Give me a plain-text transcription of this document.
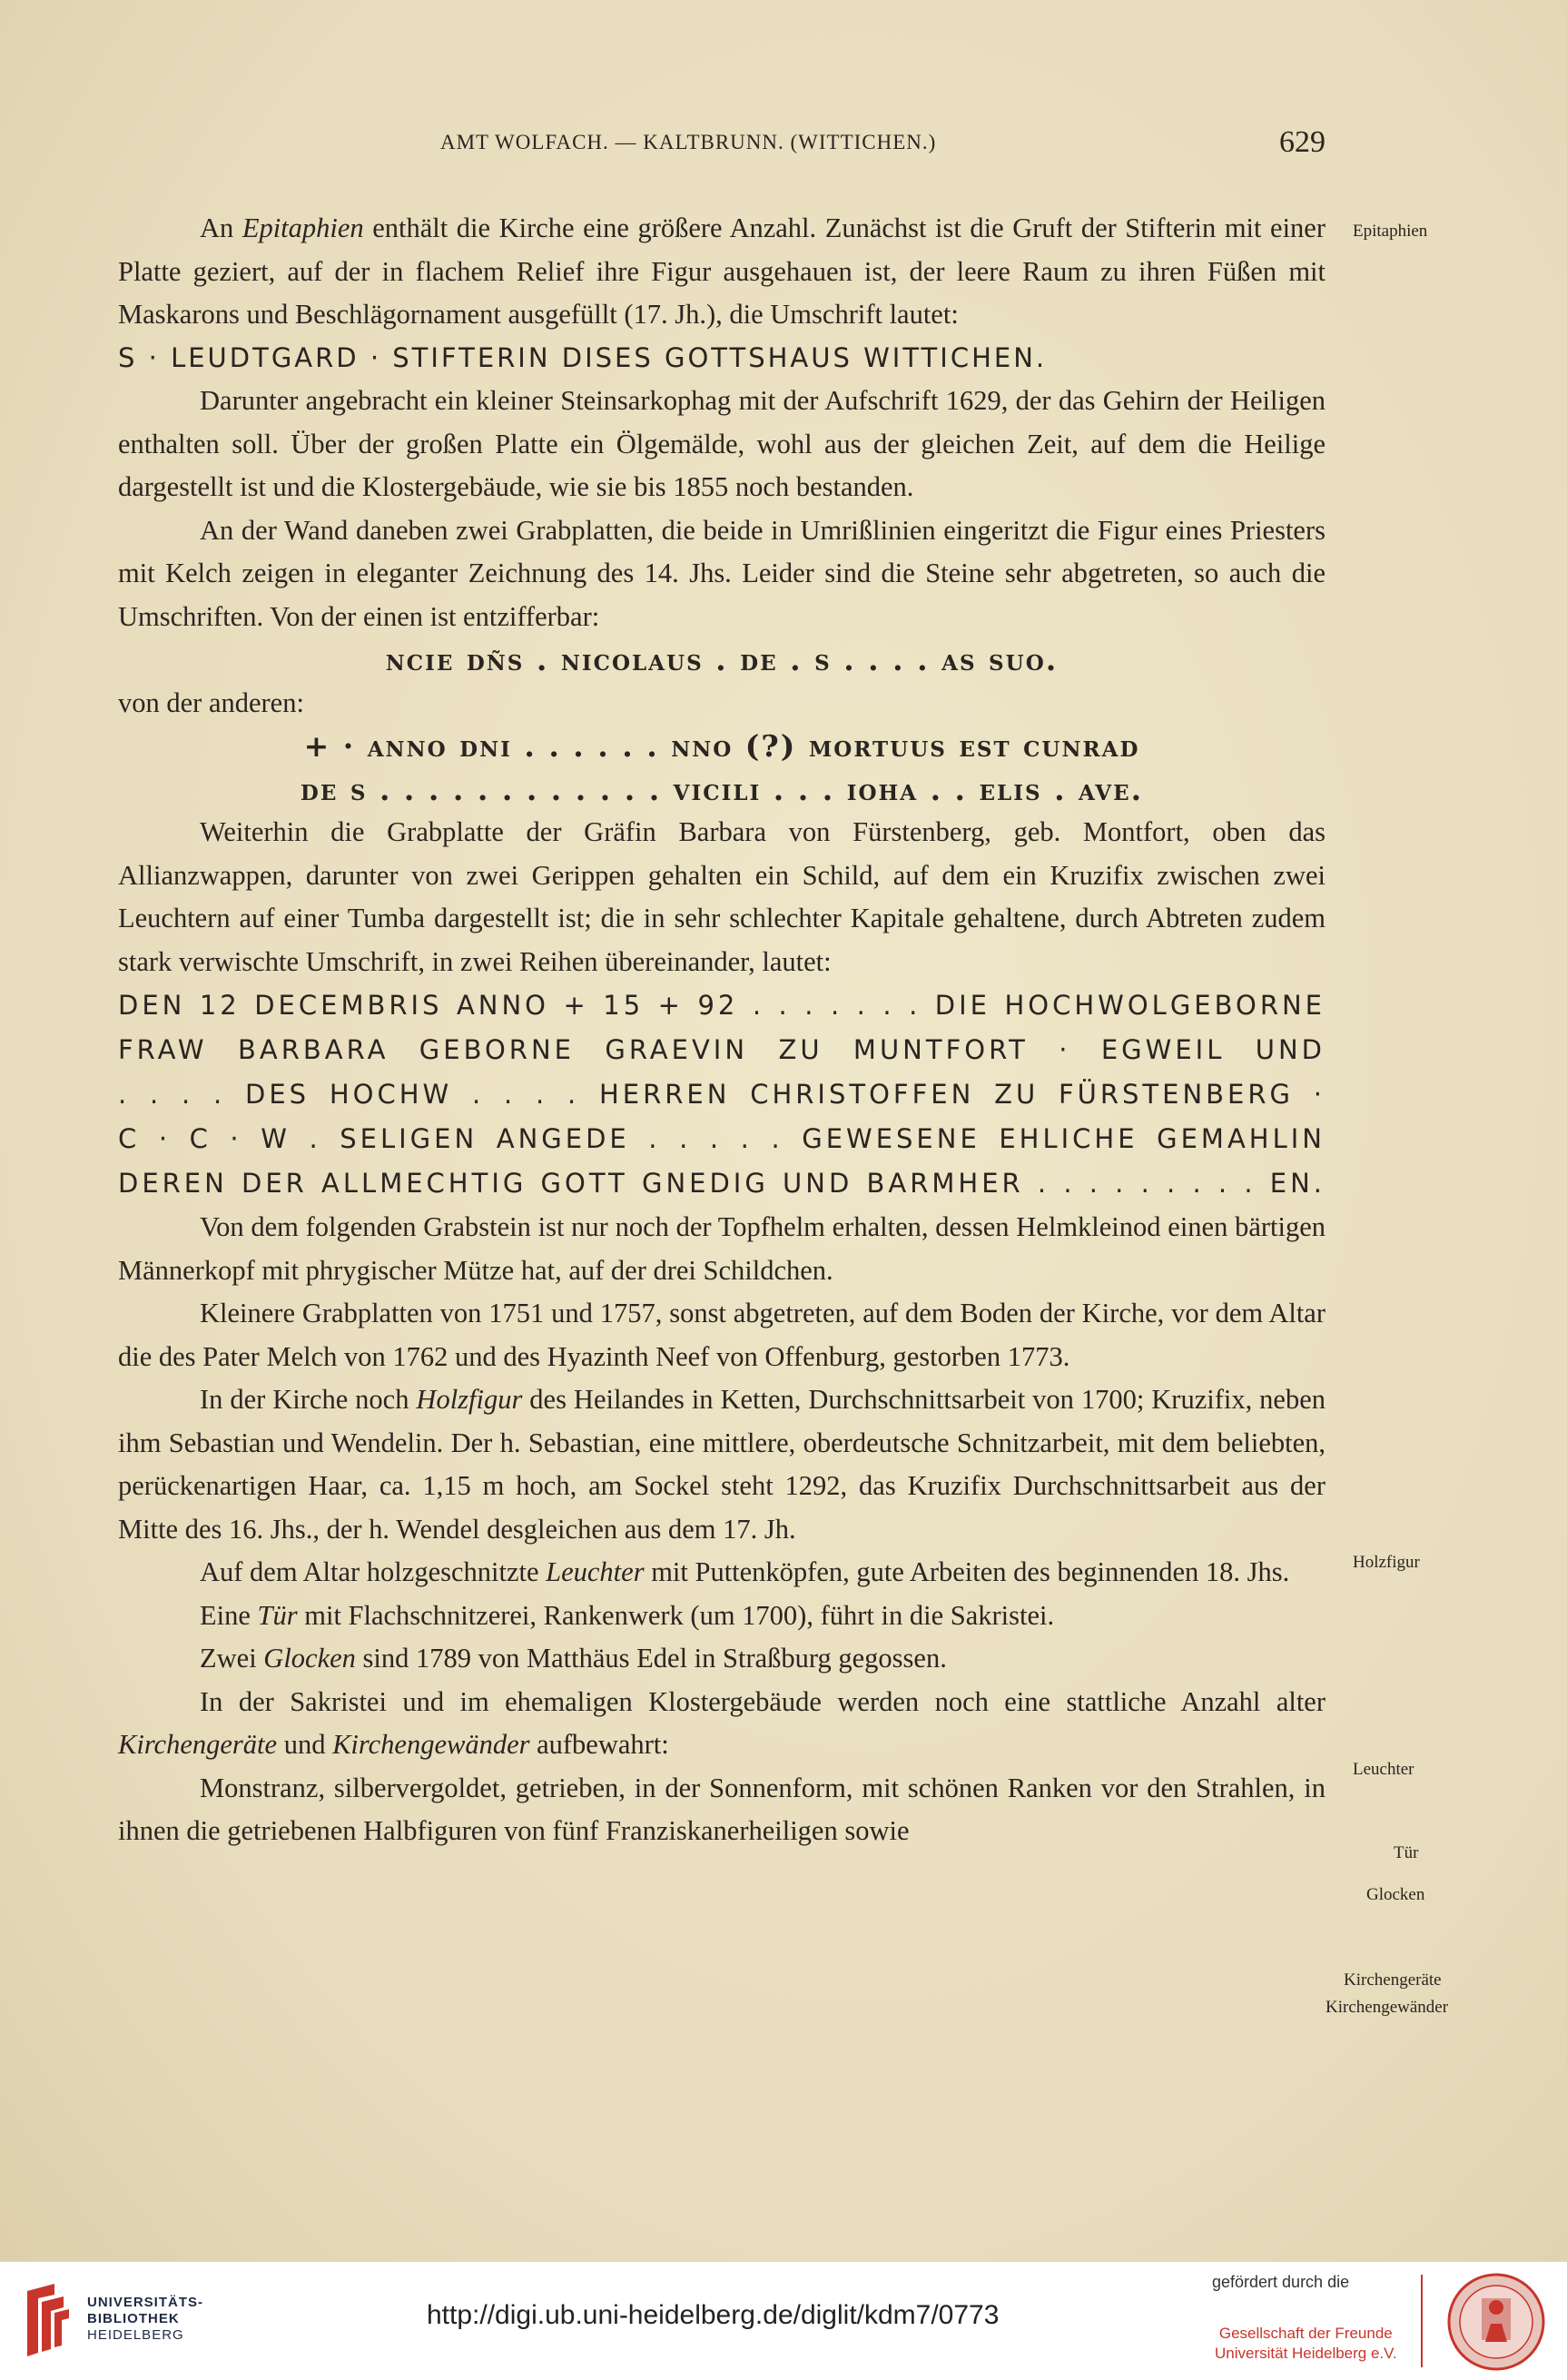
AMT WOLFACH. — KALTBRUNN. (WITTICHEN.)	629

An Epitaphien enthält die Kirche eine größere Anzahl. Zunächst ist die Gruft der Stifterin mit einer Platte geziert, auf der in flachem Relief ihre Figur ausgehauen ist, der leere Raum zu ihren Füßen mit Maskarons und Beschlägornament ausgefüllt (17. Jh.), die Umschrift lautet:

S · LEUDTGARD · STIFTERIN DISES GOTTSHAUS WITTICHEN.

Darunter angebracht ein kleiner Steinsarkophag mit der Aufschrift 1629, der das Gehirn der Heiligen enthalten soll. Über der großen Platte ein Ölgemälde, wohl aus der gleichen Zeit, auf dem die Heilige dargestellt ist und die Klostergebäude, wie sie bis 1855 noch bestanden.

An der Wand daneben zwei Grabplatten, die beide in Umrißlinien eingeritzt die Figur eines Priesters mit Kelch zeigen in eleganter Zeichnung des 14. Jhs. Leider sind die Steine sehr abgetreten, so auch die Umschriften. Von der einen ist entzifferbar:

ncie dñs . nicolaus . de . s . . . . as suo.

von der anderen:

+ · anno dni . . . . . . nno (?) mortuus est cunrad
de s . . . . . . . . . . . . vicili . . . ioha . . elis . ave.

Weiterhin die Grabplatte der Gräfin Barbara von Fürstenberg, geb. Montfort, oben das Allianzwappen, darunter von zwei Gerippen gehalten ein Schild, auf dem ein Kruzifix zwischen zwei Leuchtern auf einer Tumba dargestellt ist; die in sehr schlechter Kapitale gehaltene, durch Abtreten zudem stark verwischte Umschrift, in zwei Reihen übereinander, lautet:

DEN 12 DECEMBRIS ANNO + 15 + 92 . . . . . . . DIE HOCHWOLGEBORNE
FRAW BARBARA GEBORNE GRAEVIN ZU MUNTFORT · EGWEIL UND
. . . . DES HOCHW . . . . HERREN CHRISTOFFEN ZU FÜRSTENBERG ·
C · C · W . SELIGEN ANGEDE . . . . . GEWESENE EHLICHE GEMAHLIN
DEREN DER ALLMECHTIG GOTT GNEDIG UND BARMHER . . . . . . . . . EN.

Von dem folgenden Grabstein ist nur noch der Topfhelm erhalten, dessen Helmkleinod einen bärtigen Männerkopf mit phrygischer Mütze hat, auf der drei Schildchen.

Kleinere Grabplatten von 1751 und 1757, sonst abgetreten, auf dem Boden der Kirche, vor dem Altar die des Pater Melch von 1762 und des Hyazinth Neef von Offenburg, gestorben 1773.

In der Kirche noch Holzfigur des Heilandes in Ketten, Durchschnittsarbeit von 1700; Kruzifix, neben ihm Sebastian und Wendelin. Der h. Sebastian, eine mittlere, oberdeutsche Schnitzarbeit, mit dem beliebten, perückenartigen Haar, ca. 1,15 m hoch, am Sockel steht 1292, das Kruzifix Durchschnittsarbeit aus der Mitte des 16. Jhs., der h. Wendel desgleichen aus dem 17. Jh.

Auf dem Altar holzgeschnitzte Leuchter mit Puttenköpfen, gute Arbeiten des beginnenden 18. Jhs.

Eine Tür mit Flachschnitzerei, Rankenwerk (um 1700), führt in die Sakristei.

Zwei Glocken sind 1789 von Matthäus Edel in Straßburg gegossen.

In der Sakristei und im ehemaligen Klostergebäude werden noch eine stattliche Anzahl alter Kirchengeräte und Kirchengewänder aufbewahrt:

Monstranz, silbervergoldet, getrieben, in der Sonnenform, mit schönen Ranken vor den Strahlen, in ihnen die getriebenen Halbfiguren von fünf Franziskanerheiligen sowie

Epitaphien
Holzfigur
Leuchter
Tür
Glocken
Kirchengeräte
Kirchengewänder
UNIVERSITÄTS-
BIBLIOTHEK
HEIDELBERG
http://digi.ub.uni-heidelberg.de/diglit/kdm7/0773
gefördert durch die
Gesellschaft der Freunde
Universität Heidelberg e.V.
